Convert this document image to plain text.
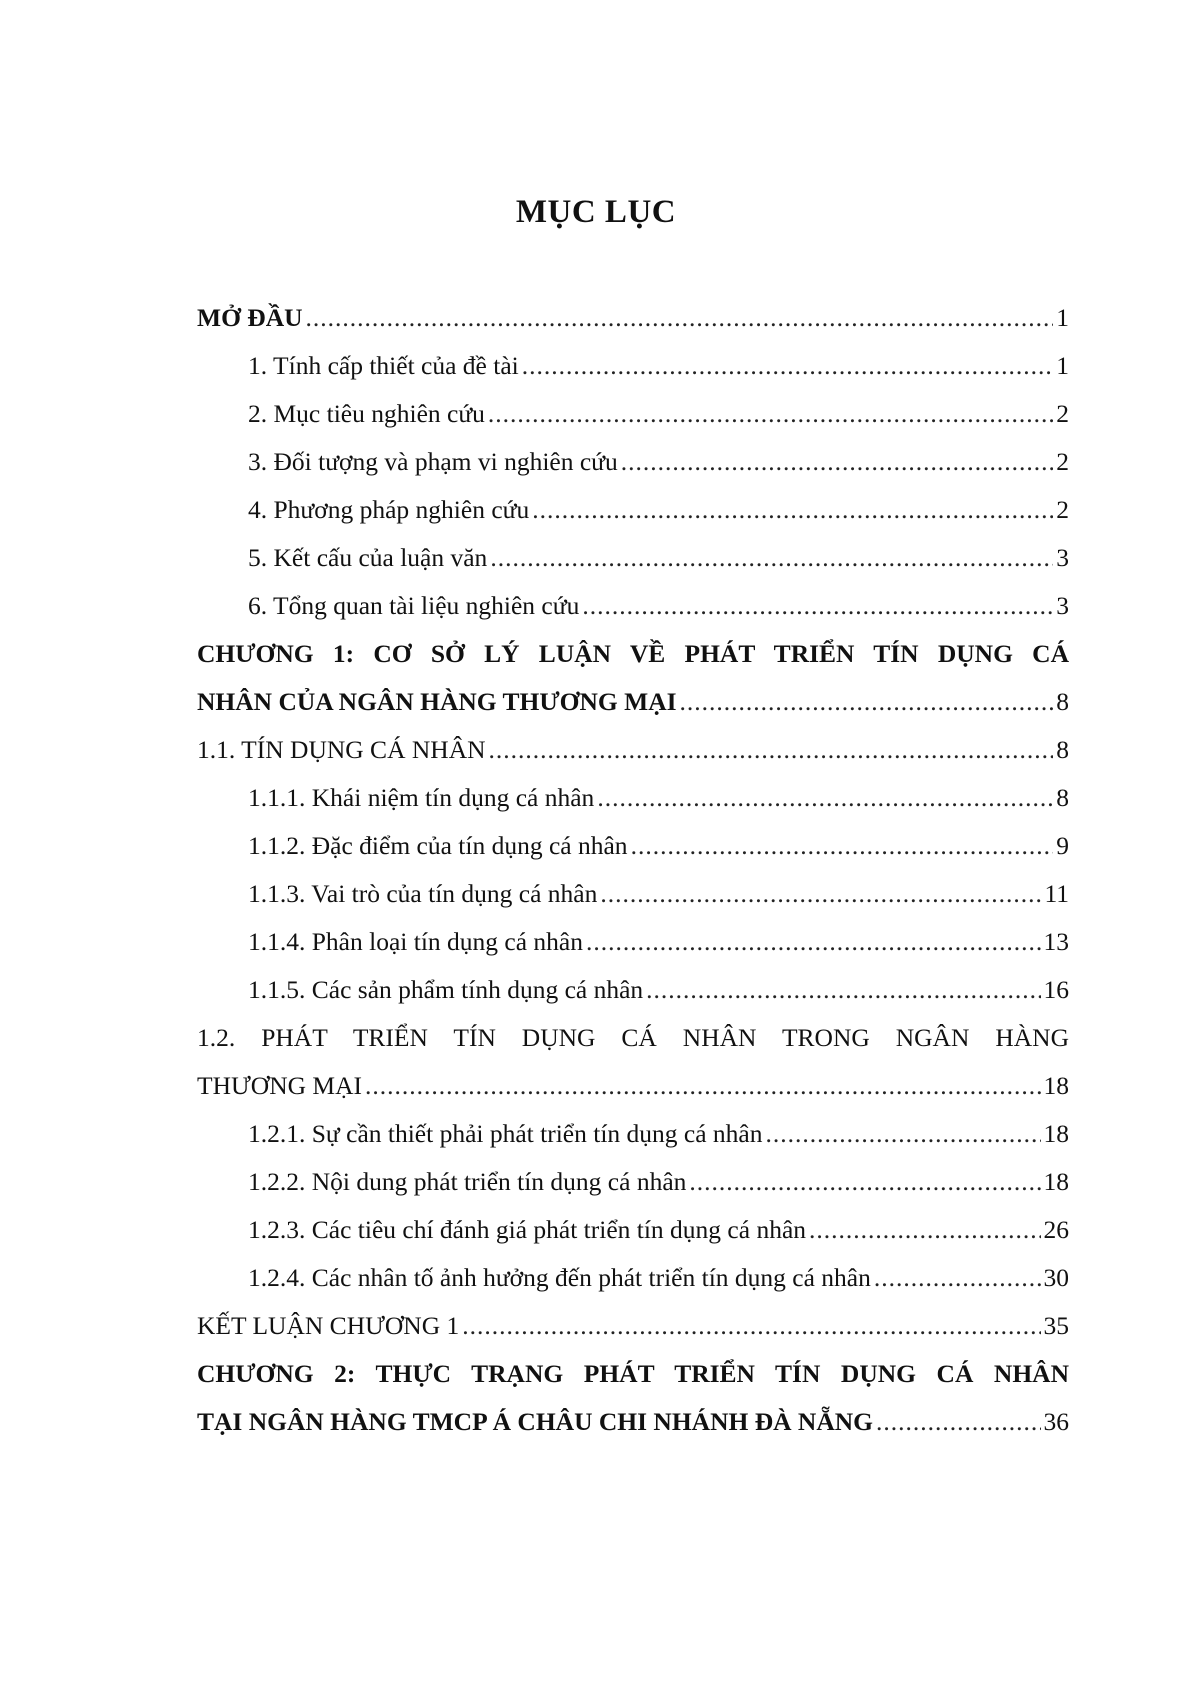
MỤC LỤC
MỞ ĐẦU .....	1
1. Tính cấp thiết của đề tài .....	1
2. Mục tiêu nghiên cứu .....	2
3. Đối tượng và phạm vi nghiên cứu .....	2
4. Phương pháp nghiên cứu .....	2
5. Kết cấu của luận văn .....	3
6. Tổng quan tài liệu nghiên cứu .....	3
CHƯƠNG 1: CƠ SỞ LÝ LUẬN VỀ PHÁT TRIỂN TÍN DỤNG CÁ
NHÂN CỦA NGÂN HÀNG THƯƠNG MẠI .....	8
1.1. TÍN DỤNG CÁ NHÂN .....	8
1.1.1. Khái niệm tín dụng cá nhân .....	8
1.1.2. Đặc điểm của tín dụng cá nhân .....	9
1.1.3. Vai trò của tín dụng cá nhân .....	11
1.1.4. Phân loại tín dụng cá nhân .....	13
1.1.5. Các sản phẩm tính dụng cá nhân .....	16
1.2. PHÁT TRIỂN TÍN DỤNG CÁ NHÂN TRONG NGÂN HÀNG
THƯƠNG MẠI .....	18
1.2.1. Sự cần thiết phải phát triển tín dụng cá nhân .....	18
1.2.2. Nội dung phát triển tín dụng cá nhân .....	18
1.2.3. Các tiêu chí đánh giá phát triển tín dụng cá nhân .....	26
1.2.4. Các nhân tố ảnh hưởng đến phát triển tín dụng cá nhân .....	30
KẾT LUẬN CHƯƠNG 1 .....	35
CHƯƠNG 2: THỰC TRẠNG PHÁT TRIỂN TÍN DỤNG CÁ NHÂN
TẠI NGÂN HÀNG TMCP Á CHÂU CHI NHÁNH ĐÀ NẴNG .....	36
